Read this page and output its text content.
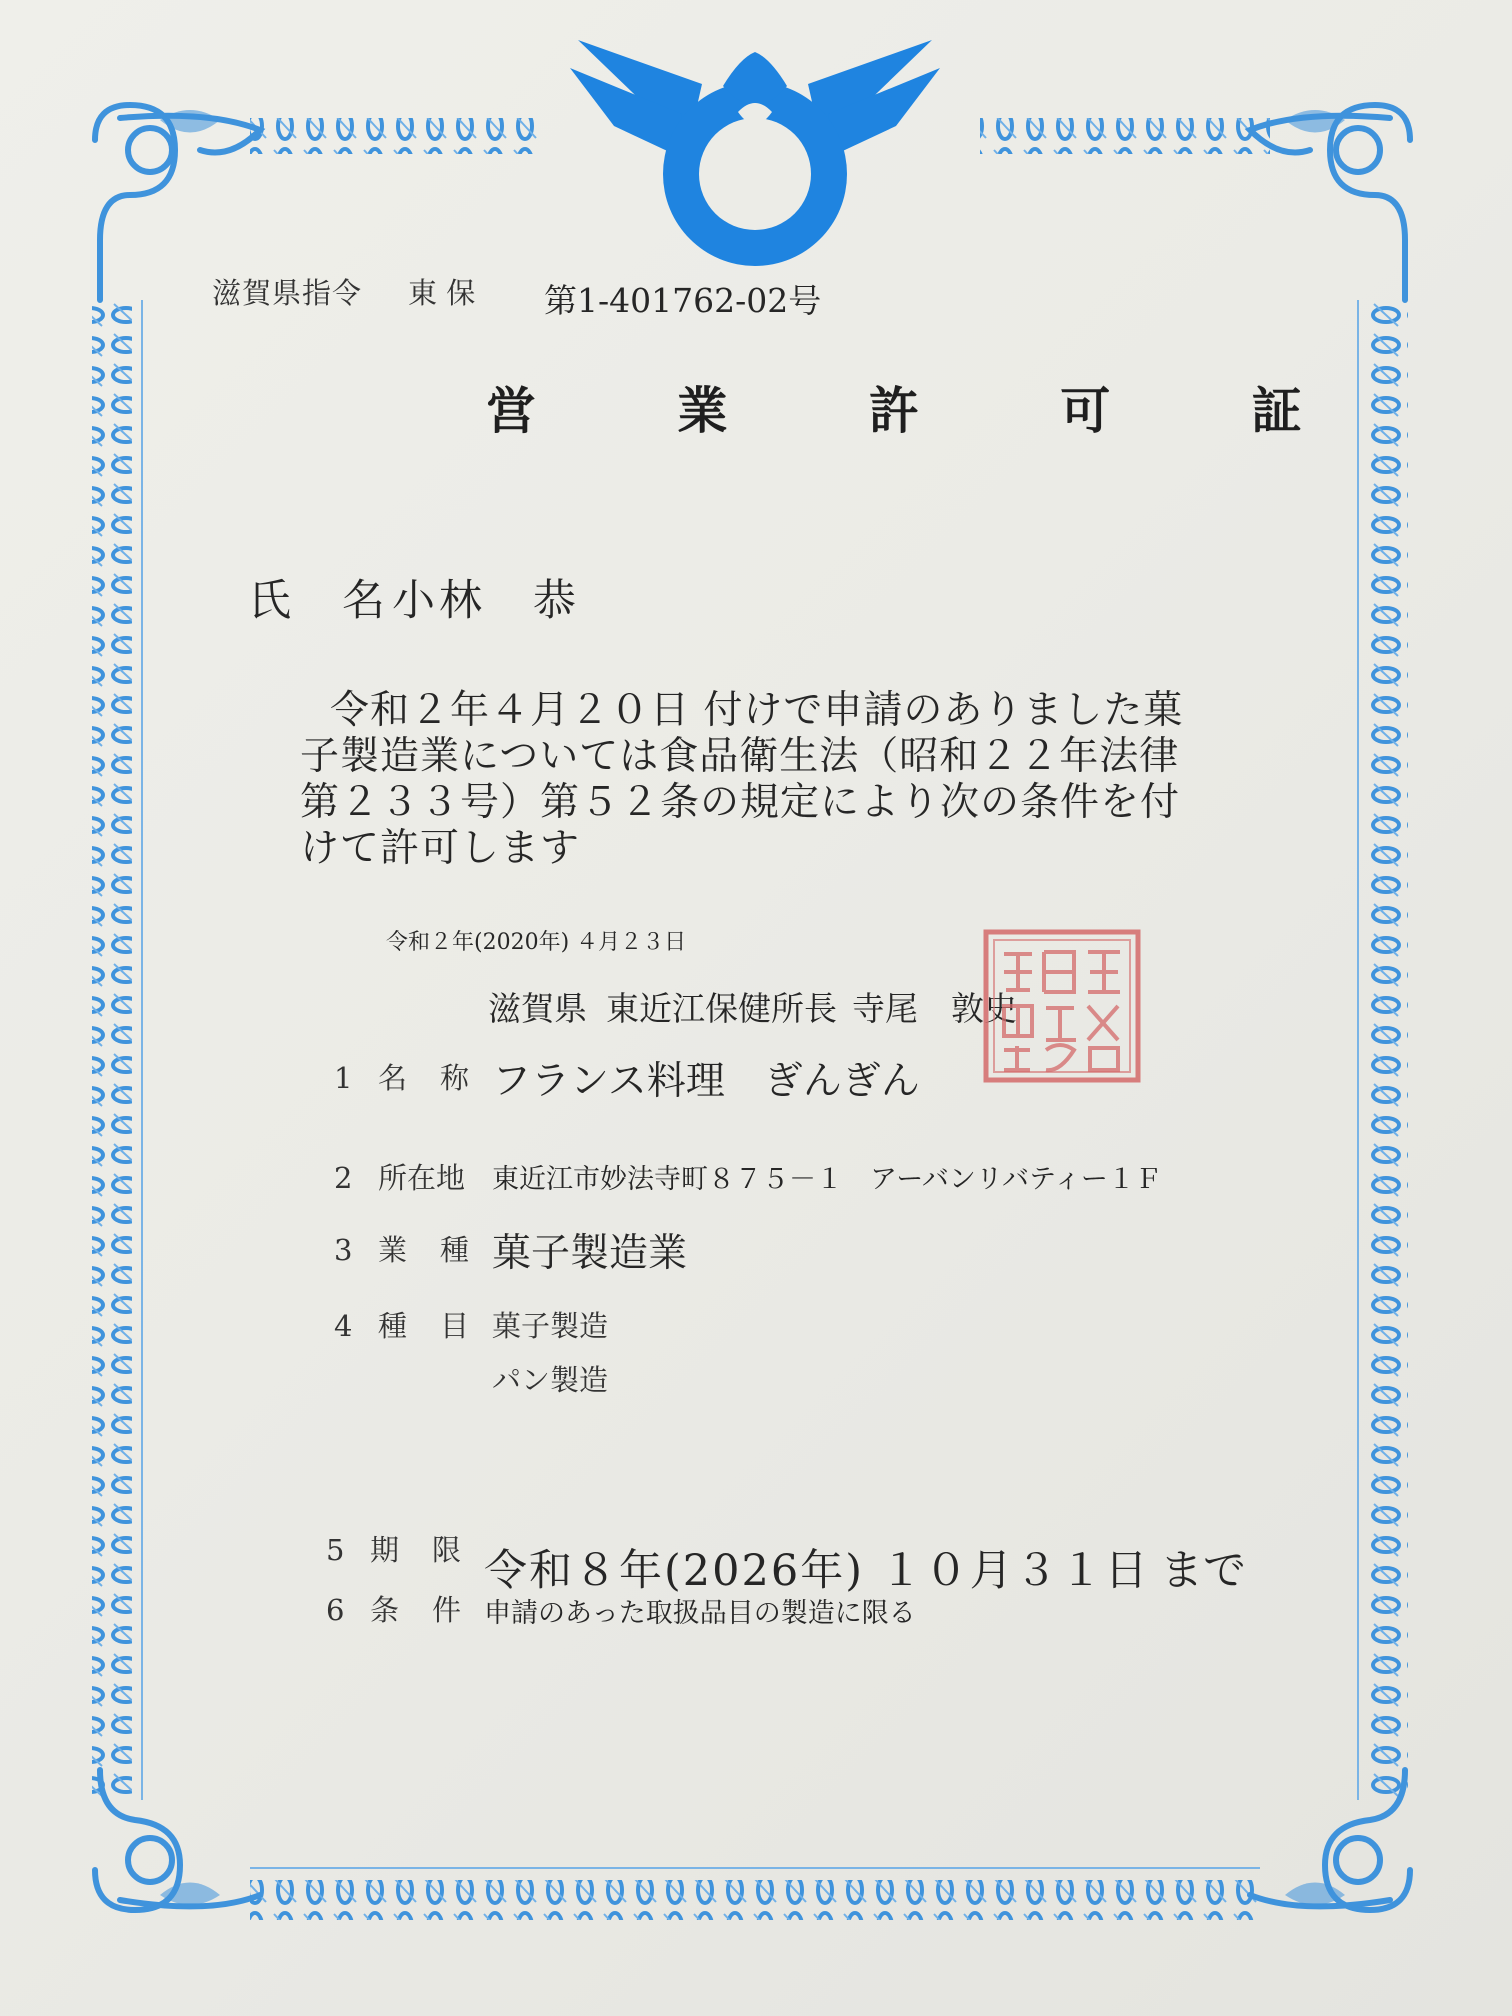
滋賀県指令 東 保 第1-401762-02号
営 業 許 可 証
氏　名 小林　恭

令和２年４月２０日 付けで申請のありました菓

子製造業については食品衛生法（昭和２２年法律

第２３３号）第５２条の規定により次の条件を付

けて許可します

令和２年(2020年) ４月２３日
滋賀県 東近江保健所長 寺尾　敦史
1 名　称 フランス料理　ぎんぎん
2 所在地 東近江市妙法寺町８７５－１　アーバンリバティー１Ｆ
3 業　種 菓子製造業
4 種　目 菓子製造
パン製造
5 期　限 令和８年(2026年) １０月３１日 まで
6 条　件 申請のあった取扱品目の製造に限る
